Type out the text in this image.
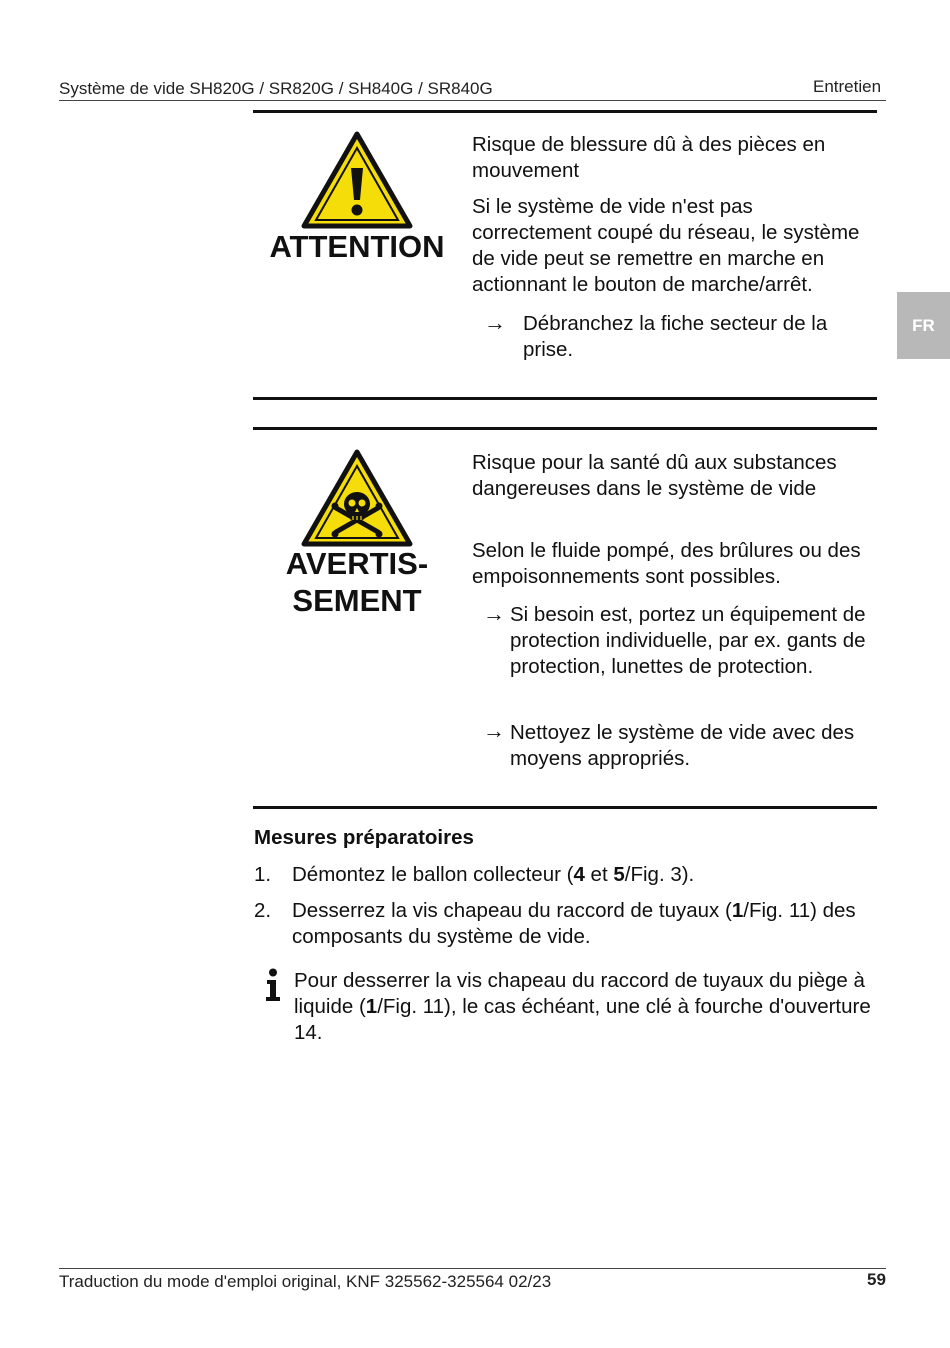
Système de vide SH820G / SR820G / SH840G / SR840G	Entretien
FR
ATTENTION
Risque de blessure dû à des pièces en mouvement
Si le système de vide n'est pas correctement coupé du réseau, le système de vide peut se remettre en marche en actionnant le bouton de marche/arrêt.
→ Débranchez la fiche secteur de la prise.
AVERTIS-
SEMENT
Risque pour la santé dû aux substances dangereuses dans le système de vide
Selon le fluide pompé, des brûlures ou des empoisonnements sont possibles.
→ Si besoin est, portez un équipement de protection individuelle, par ex. gants de protection, lunettes de protection.
→ Nettoyez le système de vide avec des moyens appropriés.
Mesures préparatoires
1. Démontez le ballon collecteur (4 et 5/Fig. 3).
2. Desserrez la vis chapeau du raccord de tuyaux (1/Fig. 11) des composants du système de vide.
Pour desserrer la vis chapeau du raccord de tuyaux du piège à liquide (1/Fig. 11), le cas échéant, une clé à fourche d'ouverture 14.
Traduction du mode d'emploi original, KNF 325562-325564 02/23	59
